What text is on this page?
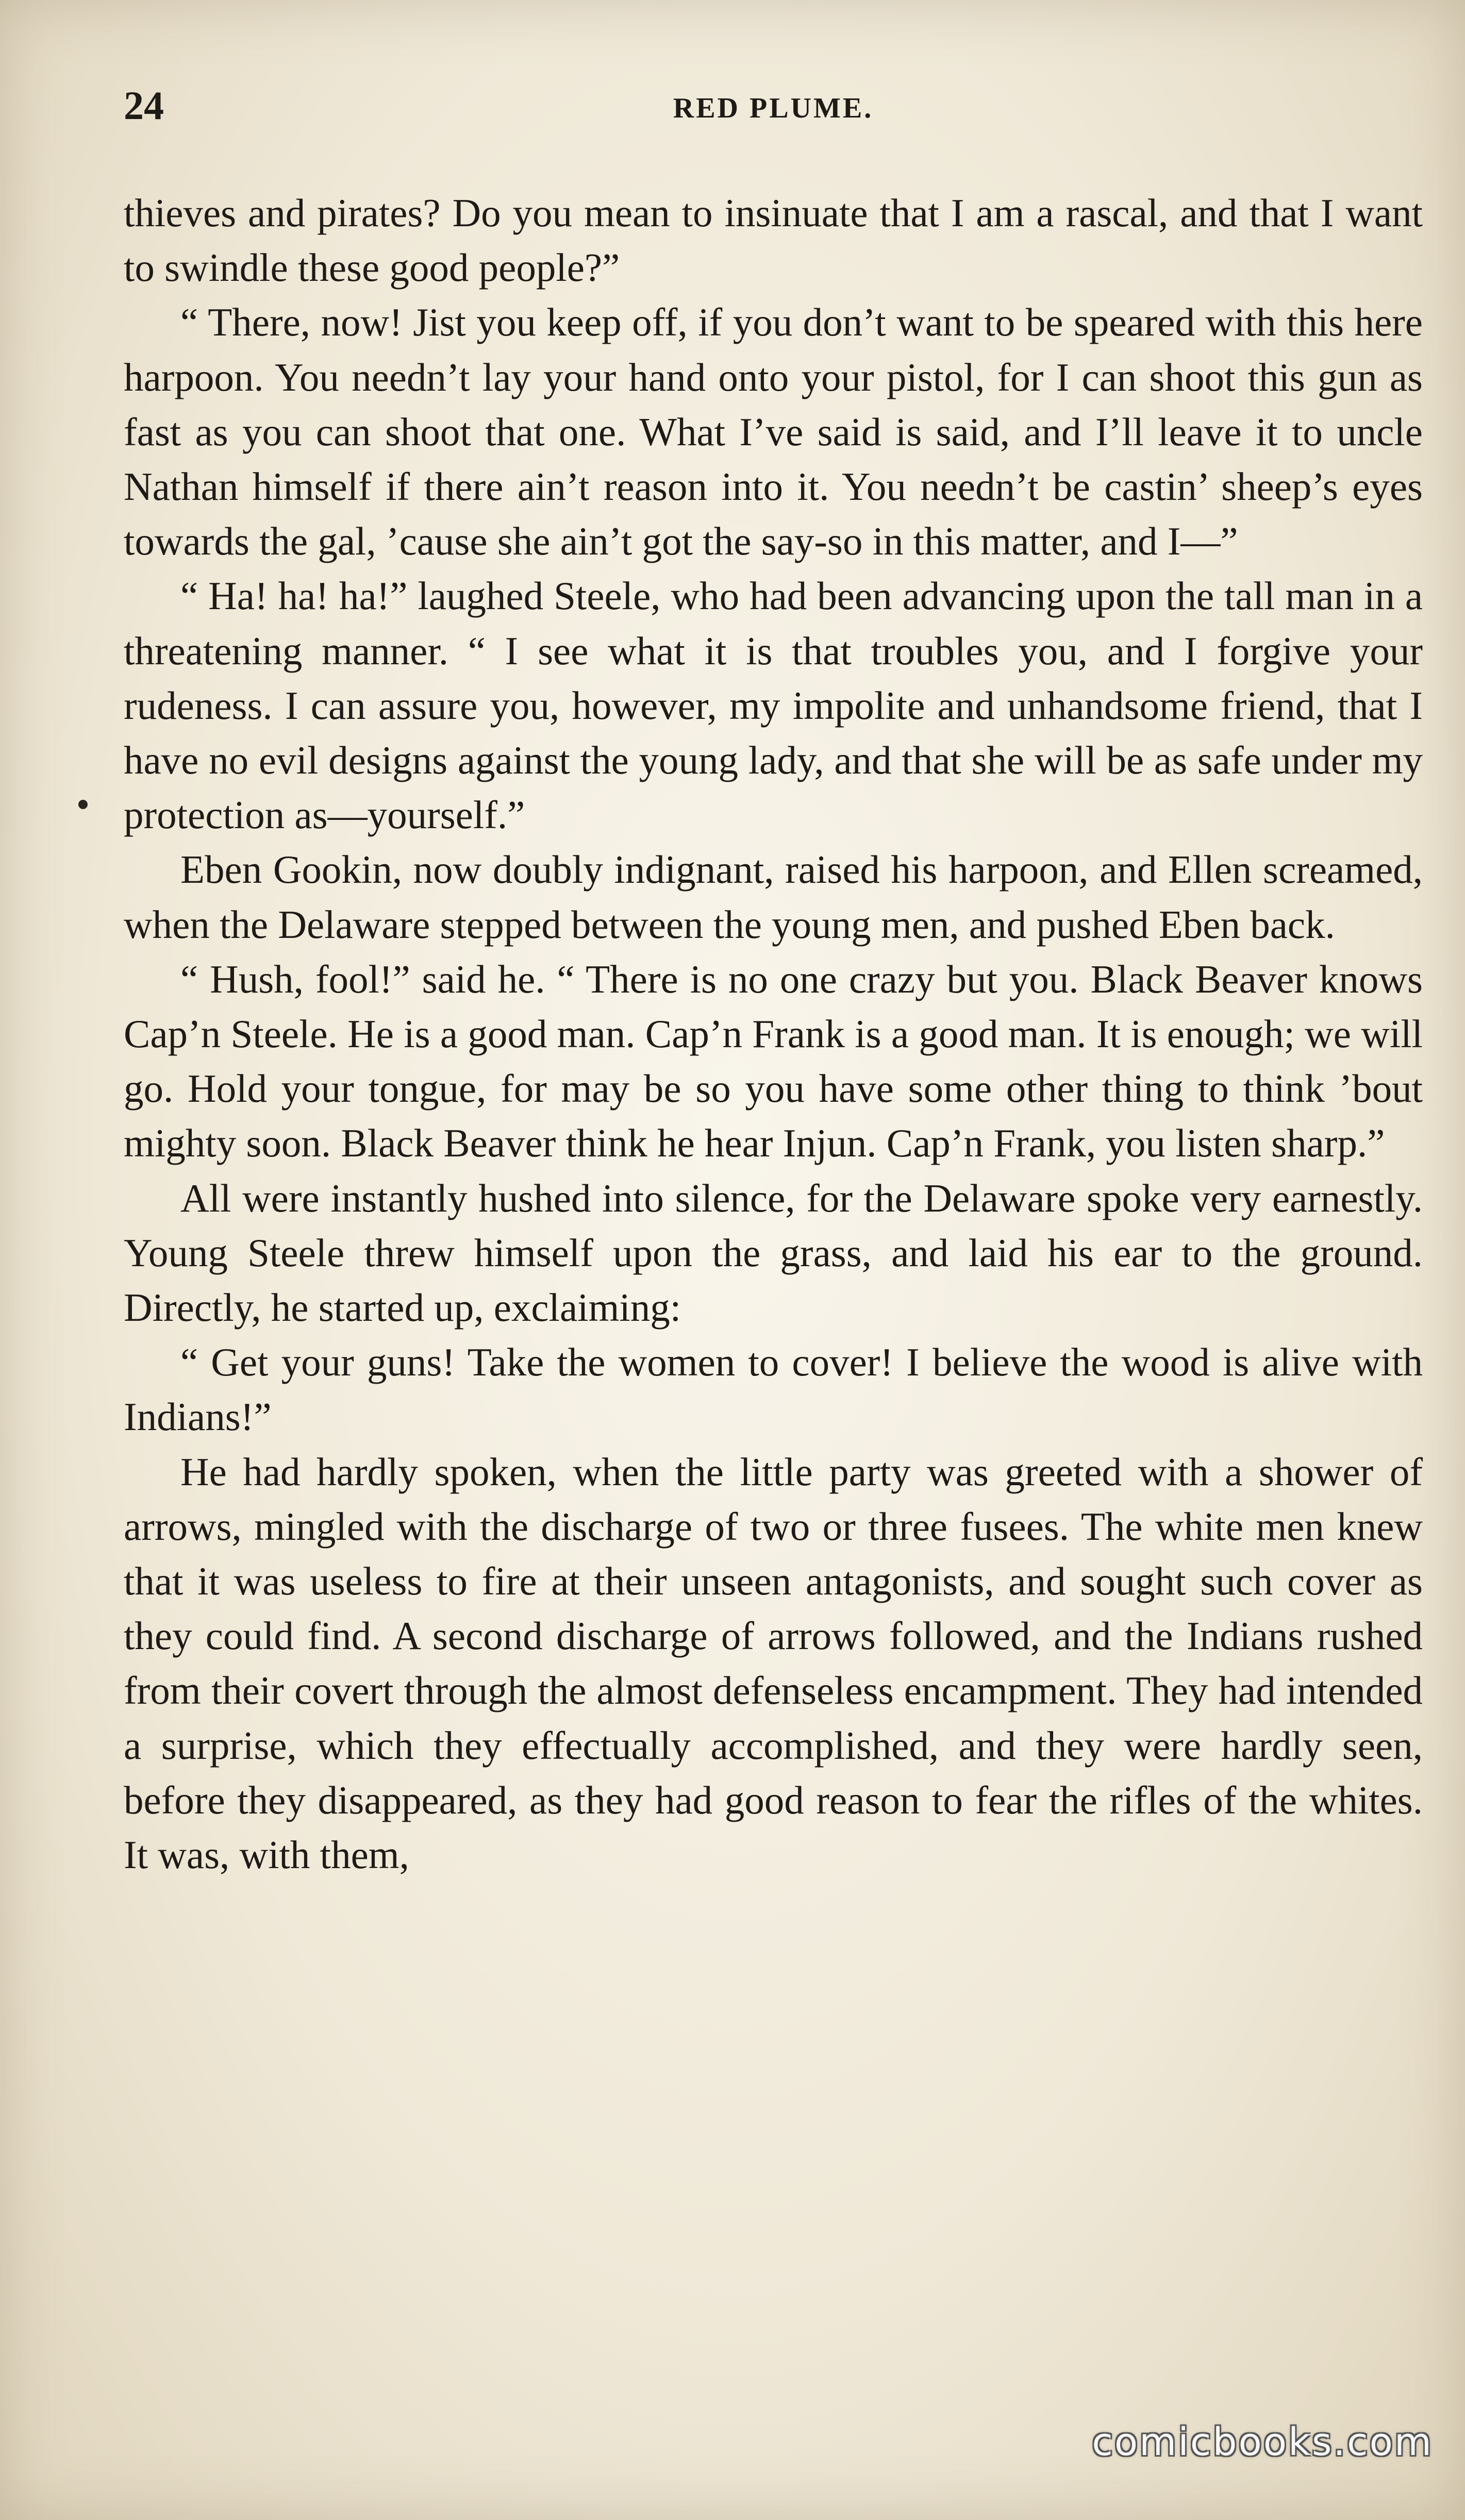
24	RED PLUME.

thieves and pirates? Do you mean to insinuate that I am a rascal, and that I want to swindle these good people?”

“ There, now! Jist you keep off, if you don’t want to be speared with this here harpoon. You needn’t lay your hand onto your pistol, for I can shoot this gun as fast as you can shoot that one. What I’ve said is said, and I’ll leave it to uncle Nathan himself if there ain’t reason into it. You needn’t be castin’ sheep’s eyes towards the gal, ’cause she ain’t got the say-so in this matter, and I—”

“ Ha! ha! ha!” laughed Steele, who had been advancing upon the tall man in a threatening manner. “ I see what it is that troubles you, and I forgive your rudeness. I can assure you, however, my impolite and unhandsome friend, that I have no evil designs against the young lady, and that she will be as safe under my protection as—yourself.”

Eben Gookin, now doubly indignant, raised his harpoon, and Ellen screamed, when the Delaware stepped between the young men, and pushed Eben back.

“ Hush, fool!” said he. “ There is no one crazy but you. Black Beaver knows Cap’n Steele. He is a good man. Cap’n Frank is a good man. It is enough; we will go. Hold your tongue, for may be so you have some other thing to think ’bout mighty soon. Black Beaver think he hear Injun. Cap’n Frank, you listen sharp.”

All were instantly hushed into silence, for the Delaware spoke very earnestly. Young Steele threw himself upon the grass, and laid his ear to the ground. Directly, he started up, exclaiming:

“ Get your guns! Take the women to cover! I believe the wood is alive with Indians!”

He had hardly spoken, when the little party was greeted with a shower of arrows, mingled with the discharge of two or three fusees. The white men knew that it was useless to fire at their unseen antagonists, and sought such cover as they could find. A second discharge of arrows followed, and the Indians rushed from their covert through the almost defenseless encampment. They had intended a surprise, which they effectually accomplished, and they were hardly seen, before they disappeared, as they had good reason to fear the rifles of the whites. It was, with them,

comicbooks.com
